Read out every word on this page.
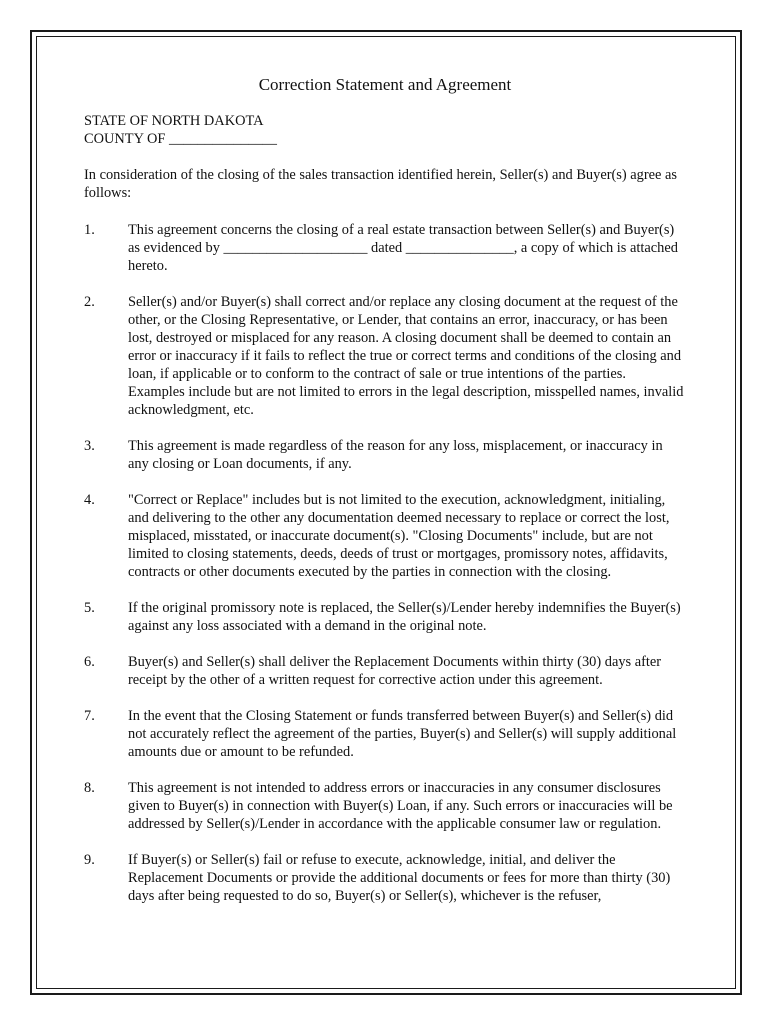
Correction Statement and Agreement
STATE OF NORTH DAKOTA
COUNTY OF _______________
In consideration of the closing of the sales transaction identified herein, Seller(s) and Buyer(s) agree as follows:
1.	This agreement concerns the closing of a real estate transaction between Seller(s) and Buyer(s) as evidenced by ____________________ dated _______________, a copy of which is attached hereto.
2.	Seller(s) and/or Buyer(s) shall correct and/or replace any closing document at the request of the other, or the Closing Representative, or Lender, that contains an error, inaccuracy, or has been lost, destroyed or misplaced for any reason. A closing document shall be deemed to contain an error or inaccuracy if it fails to reflect the true or correct terms and conditions of the closing and loan, if applicable or to conform to the contract of sale or true intentions of the parties. Examples include but are not limited to errors in the legal description, misspelled names, invalid acknowledgment, etc.
3.	This agreement is made regardless of the reason for any loss, misplacement, or inaccuracy in any closing or Loan documents, if any.
4.	"Correct or Replace" includes but is not limited to the execution, acknowledgment, initialing, and delivering to the other any documentation deemed necessary to replace or correct the lost, misplaced, misstated, or inaccurate document(s). "Closing Documents" include, but are not limited to closing statements, deeds, deeds of trust or mortgages, promissory notes, affidavits, contracts or other documents executed by the parties in connection with the closing.
5.	If the original promissory note is replaced, the Seller(s)/Lender hereby indemnifies the Buyer(s) against any loss associated with a demand in the original note.
6.	Buyer(s) and Seller(s) shall deliver the Replacement Documents within thirty (30) days after receipt by the other of a written request for corrective action under this agreement.
7.	In the event that the Closing Statement or funds transferred between Buyer(s) and Seller(s) did not accurately reflect the agreement of the parties, Buyer(s) and Seller(s) will supply additional amounts due or amount to be refunded.
8.	This agreement is not intended to address errors or inaccuracies in any consumer disclosures given to Buyer(s) in connection with Buyer(s) Loan, if any. Such errors or inaccuracies will be addressed by Seller(s)/Lender in accordance with the applicable consumer law or regulation.
9.	If Buyer(s) or Seller(s) fail or refuse to execute, acknowledge, initial, and deliver the Replacement Documents or provide the additional documents or fees for more than thirty (30) days after being requested to do so, Buyer(s) or Seller(s), whichever is the refuser,
